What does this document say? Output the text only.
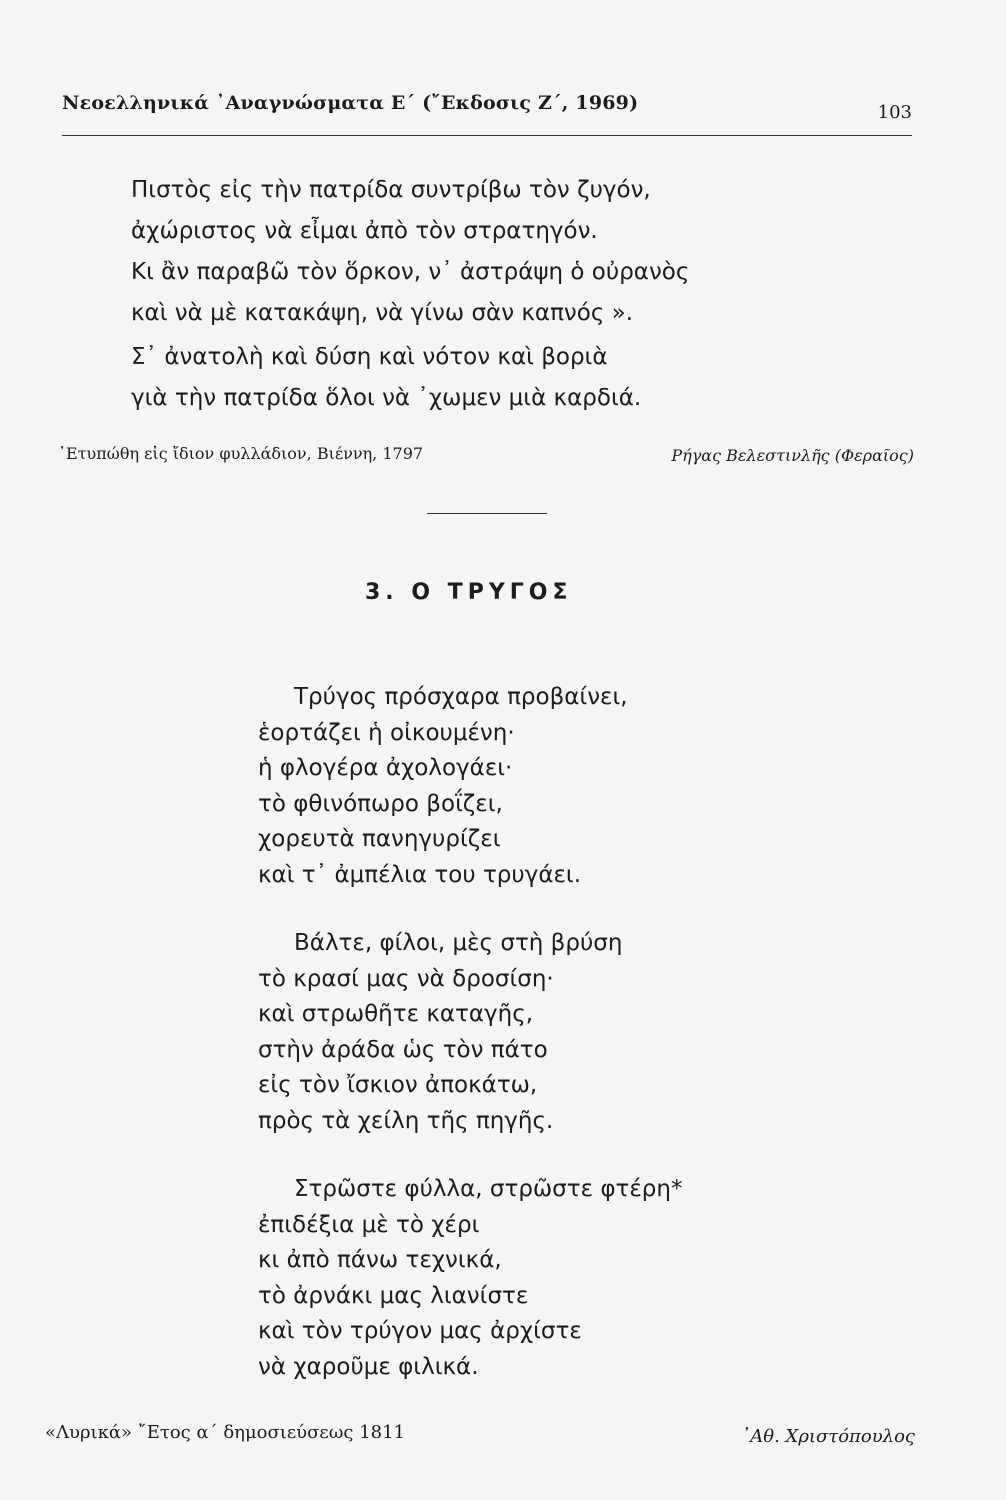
Νεοελληνικά ᾿Αναγνώσματα Ε΄ (῎Εκδοσις Ζ΄, 1969)	103
Πιστὸς εἰς τὴν πατρίδα συντρίβω τὸν ζυγόν,
ἀχώριστος νὰ εἶμαι ἀπὸ τὸν στρατηγόν.
Κι ἂν παραβῶ τὸν ὅρκον, ν᾿ ἀστράψη ὁ οὐρανὸς
καὶ νὰ μὲ κατακάψη, νὰ γίνω σὰν καπνός ».
Σ᾿ ἀνατολὴ καὶ δύση καὶ νότον καὶ βοριὰ
γιὰ τὴν πατρίδα ὅλοι νὰ ᾿χωμεν μιὰ καρδιά.
᾿Ετυπώθη εἰς ἴδιον φυλλάδιον, Βιέννη, 1797	Ρήγας Βελεστινλῆς (Φεραῖος)
3. Ο ΤΡΥΓΟΣ
Τρύγος πρόσχαρα προβαίνει,
ἑορτάζει ἡ οἰκουμένη·
ἡ φλογέρα ἀχολογάει·
τὸ φθινόπωρο βοΐζει,
χορευτὰ πανηγυρίζει
καὶ τ᾿ ἀμπέλια του τρυγάει.
Βάλτε, φίλοι, μὲς στὴ βρύση
τὸ κρασί μας νὰ δροσίση·
καὶ στρωθῆτε καταγῆς,
στὴν ἀράδα ὡς τὸν πάτο
εἰς τὸν ἴσκιον ἀποκάτω,
πρὸς τὰ χείλη τῆς πηγῆς.
Στρῶστε φύλλα, στρῶστε φτέρη*
ἐπιδέξια μὲ τὸ χέρι
κι ἀπὸ πάνω τεχνικά,
τὸ ἀρνάκι μας λιανίστε
καὶ τὸν τρύγον μας ἀρχίστε
νὰ χαροῦμε φιλικά.
«Λυρικά» ῎Ετος α΄ δημοσιεύσεως 1811	᾿Αθ. Χριστόπουλος
